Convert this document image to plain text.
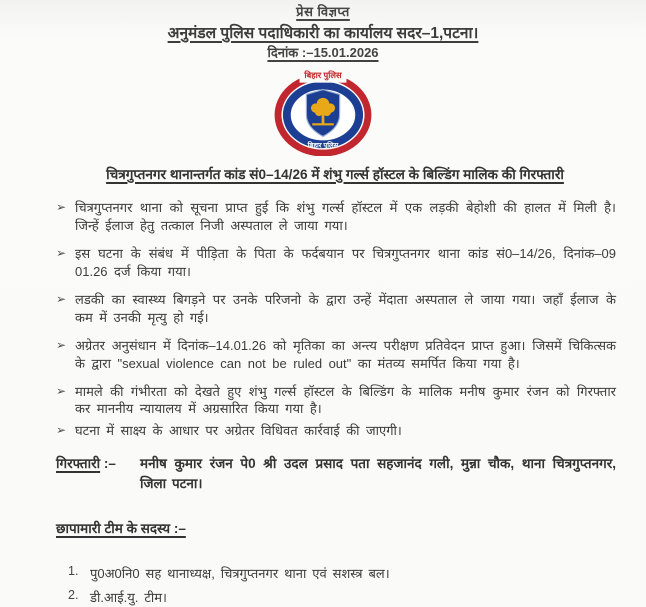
प्रेस विज्ञप्त
अनुमंडल पुलिस पदाधिकारी का कार्यालय सदर–1,पटना।
दिनांक :–15.01.2026
बिहार पुलिस
बिहार पुलिस
चित्रगुप्तनगर थानान्तर्गत कांड सं0–14/26 में शंभु गर्ल्स हॉस्टल के बिल्डिंग मालिक की गिरफ्तारी
➢ चित्रगुप्तनगर थाना को सूचना प्राप्त हुई कि शंभु गर्ल्स हॉस्टल में एक लड़की बेहोशी की हालत में मिली है। जिन्हें ईलाज हेतु तत्काल निजी अस्पताल ले जाया गया।
➢ इस घटना के संबंध में पीड़िता के पिता के फर्दबयान पर चित्रगुप्तनगर थाना कांड सं0–14/26, दिनांक–09 01.26 दर्ज किया गया।
➢ लडकी का स्वास्थ्य बिगड़ने पर उनके परिजनो के द्वारा उन्हें मेंदाता अस्पताल ले जाया गया। जहाँ ईलाज के कम में उनकी मृत्यु हो गई।
➢ अग्रेतर अनुसंधान में दिनांक–14.01.26 को मृतिका का अन्त्य परीक्षण प्रतिवेदन प्राप्त हुआ। जिसमें चिकित्सक के द्वारा "sexual violence can not be ruled out" का मंतव्य समर्पित किया गया है।
➢ मामले की गंभीरता को देखते हुए शंभु गर्ल्स हॉस्टल के बिल्डिंग के मालिक मनीष कुमार रंजन को गिरफ्तार कर माननीय न्यायालय में अग्रसारित किया गया है।
➢ घटना में साक्ष्य के आधार पर अग्रेतर विधिवत कार्रवाई की जाएगी।
गिरफ्तारी :–	मनीष कुमार रंजन पे0 श्री उदल प्रसाद पता सहजानंद गली, मुन्ना चौक, थाना चित्रगुप्तनगर, जिला पटना।
छापामारी टीम के सदस्य :–
1. पु0अ0नि0 सह थानाध्यक्ष, चित्रगुप्तनगर थाना एवं सशस्त्र बल।
2. डी.आई.यु. टीम।
